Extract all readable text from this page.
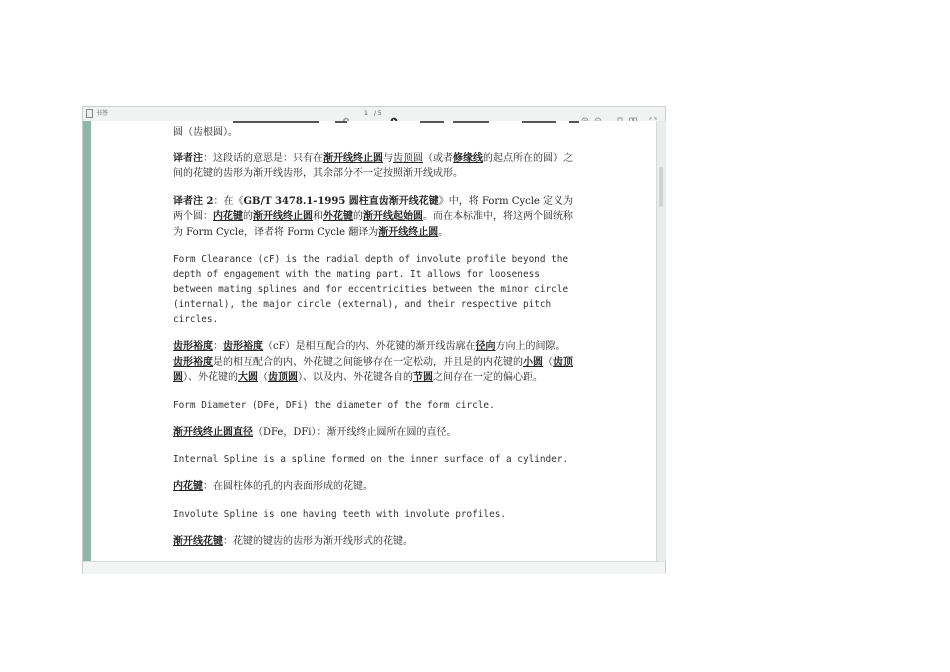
书签	1 / 5

圆（齿根圆）。

译者注：这段话的意思是：只有在渐开线终止圆与齿顶圆（或者修缘线的起点所在的圆）之间的花键的齿形为渐开线齿形，其余部分不一定按照渐开线成形。

译者注 2：在《GB/T 3478.1-1995 圆柱直齿渐开线花键》中，将 Form Cycle 定义为两个圆：内花键的渐开线终止圆和外花键的渐开线起始圆。而在本标准中，将这两个圆统称为 Form Cycle，译者将 Form Cycle 翻译为渐开线终止圆。

Form Clearance (cF) is the radial depth of involute profile beyond the depth of engagement with the mating part. It allows for looseness between mating splines and for eccentricities between the minor circle (internal), the major circle (external), and their respective pitch circles.

齿形裕度：齿形裕度（cF）是相互配合的内、外花键的渐开线齿廓在径向方向上的间隙。齿形裕度是的相互配合的内、外花键之间能够存在一定松动，并且是的内花键的小圆（齿顶圆）、外花键的大圆（齿顶圆）、以及内、外花键各自的节圆之间存在一定的偏心距。

Form Diameter (DFe, DFi) the diameter of the form circle.

渐开线终止圆直径（DFe，DFi）：渐开线终止圆所在圆的直径。

Internal Spline is a spline formed on the inner surface of a cylinder.

内花键：在圆柱体的孔的内表面形成的花键。

Involute Spline is one having teeth with involute profiles.

渐开线花键：花键的键齿的齿形为渐开线形式的花键。
